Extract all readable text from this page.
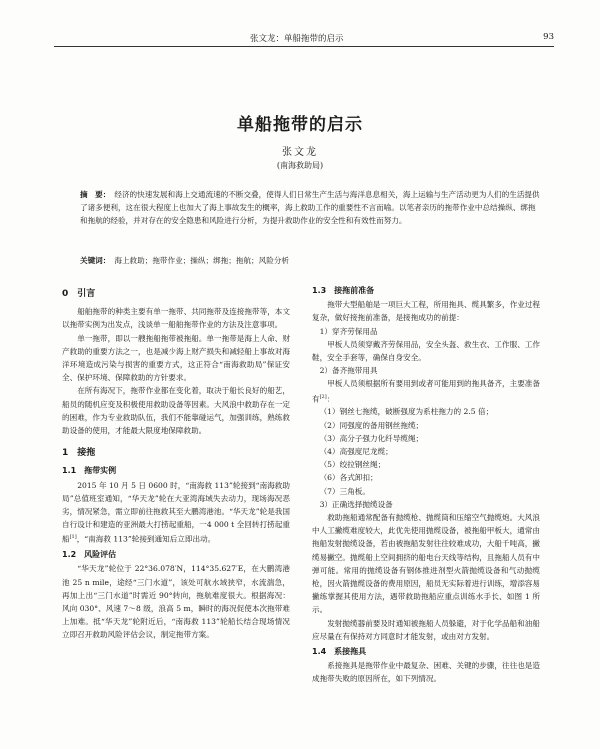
张文龙：单船拖带的启示	93
单船拖带的启示
张文龙
(南海救助局)
摘　要： 经济的快速发展和海上交通流速的不断交叠，使得人们日常生产生活与海洋息息相关，海上运输与生产活动更为人们的生活提供了诸多便利，这在很大程度上也加大了海上事故发生的概率，海上救助工作的重要性不言而喻。以笔者亲历的拖带作业中总结操纵、绑拖和拖航的经验，并对存在的安全隐患和风险进行分析，为提升救助作业的安全性和有效性而努力。
关键词： 海上救助；拖带作业；操纵；绑拖；拖航；风险分析
0　引言

船舶拖带的种类主要有单一拖带、共同拖带及连接拖带等，本文以拖带实例为出发点，浅谈单一船舶拖带作业的方法及注意事项。

单一拖带，即以一艘拖船拖带被拖船。单一拖带是海上人命、财产救助的重要方法之一，也是减少海上财产损失和减轻船上事故对海洋环境造成污染与损害的重要方式，这正符合“南海救助局”保证安全、保护环境、保障救助的方针要求。

在所有海况下，拖带作业都在变化着，取决于船长良好的船艺，船员的随机应变及积极使用救助设备等因素。大风浪中救助存在一定的困难，作为专业救助队伍，我们不能靠碰运气，加强训练，熟练救助设备的使用，才能最大限度地保障救助。

1　接拖
1.1　拖带实例

2015 年 10 月 5 日 0600 时，“南海救 113”轮接到“南海救助局”总值班室通知，“华天龙”轮在大亚湾海域失去动力，现场海况恶劣，情况紧急，需立即前往拖救其至大鹏湾港池。“华天龙”轮是我国自行设计和建造的亚洲最大打捞起重船，一4 000 t 全回转打捞起重船[1]，“南海救 113”轮接到通知后立即出动。

1.2　风险评估

“华天龙”轮位于 22°36.078′N，114°35.627′E，在大鹏湾港池 25 n mile，途经“三门水道”，该处可航水域狭窄，水流湍急，再加上出“三门水道”时需近 90°转向，拖航难度很大。根据海况：风向 030°、风速 7～8 级，浪高 5 m，瞬时的海况促使本次拖带难上加难。抵“华天龙”轮附近后，“南海救 113”轮船长结合现场情况立即召开救助风险评估会议，制定拖带方案。

1.3　接拖前准备

拖带大型船舶是一项巨大工程，所用拖具、缆具繁多，作业过程复杂，做好接拖前准备，是接拖成功的前提：

1）穿齐劳保用品

甲板人员须穿戴齐劳保用品，安全头盔、救生衣、工作服、工作鞋，安全手套等，确保自身安全。

2）备齐拖带用具

甲板人员须根据所有要用到或者可能用到的拖具备齐，主要准备有[2]：

（1）钢丝七拖缆，破断强度为系柱拖力的 2.5 倍；

（2）同强度的备用钢丝拖缆；

（3）高分子强力化纤导缆绳；

（4）高强度尼龙缆；

（5）绞拉钢丝绳；

（6）各式卸扣；

（7）三角板。

3）正确选择抛缆设备

救助拖船通常配备有抛缆枪、抛缆筒和压缩空气抛缆炮。大风浪中人工撇缆难度较大，此优先使用抛缆设备，被拖船甲板大，通常由拖船发射抛缆设备，若由被拖船发射往往较难成功，大船千吨高，撇缆易撇空。抛缆船上空间拥挤的船电台天线等结构，且拖船人员有中弹可能。常用的抛缆设备有钢体推进剂型火箭抛缆设备和气动抛缆枪，因火箭抛缆设备的费用原因，船员无实际着进行训练，增添容易撇练掌握其使用方法，遇带救助拖船应重点训练水手长、如图 1 所示。

发射抛缆器前要及时通知被拖船人员躲避，对于化学品船和油船应尽量在有保持对方同意时才能发射，或由对方发射。

1.4　系接拖具

系接拖具是拖带作业中最复杂、困难、关键的步骤，往往也是造成拖带失败的原因所在，如下列情况。
